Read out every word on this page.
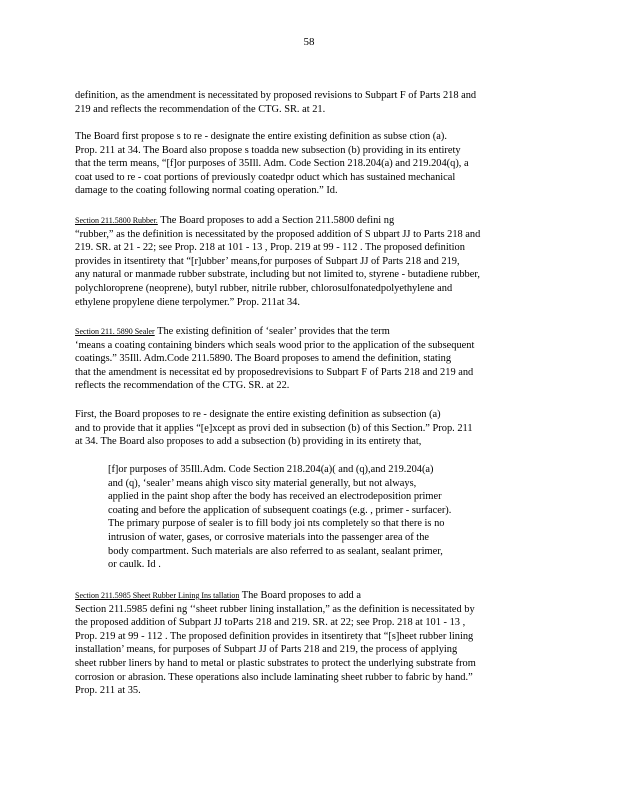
58
definition, as the amendment is necessitated by proposed revisions to Subpart F of Parts 218 and
219 and reflects the recommendation of the CTG. SR. at 21.
The Board first propose s to re - designate the entire existing definition as subse ction (a).
Prop. 211 at 34. The Board also propose s toadda new subsection (b) providing in its entirety
that the term means, “[f]or purposes of 35Ill. Adm. Code Section 218.204(a) and 219.204(q), a
coat used to re - coat portions of previously coatedpr oduct which has sustained mechanical
damage to the coating following normal coating operation.” Id.
Section 211.5800 Rubber. The Board proposes to add a Section 211.5800 defini ng
“rubber,” as the definition is necessitated by the proposed addition of S ubpart JJ to Parts 218 and
219. SR. at 21 - 22; see Prop. 218 at 101 - 13 , Prop. 219 at 99 - 112 . The proposed definition
provides in itsentirety that “[r]ubber’ means,for purposes of Subpart JJ of Parts 218 and 219,
any natural or manmade rubber substrate, including but not limited to, styrene - butadiene rubber,
polychloroprene (neoprene), butyl rubber, nitrile rubber, chlorosulfonatedpolyethylene and
ethylene propylene diene terpolymer.” Prop. 211at 34.
Section 211. 5890 Sealer The existing definition of ‘sealer’ provides that the term
‘means a coating containing binders which seals wood prior to the application of the subsequent
coatings.” 35Ill. Adm.Code 211.5890. The Board proposes to amend the definition, stating
that the amendment is necessitat ed by proposedrevisions to Subpart F of Parts 218 and 219 and
reflects the recommendation of the CTG. SR. at 22.
First, the Board proposes to re - designate the entire existing definition as subsection (a)
and to provide that it applies “[e]xcept as provi ded in subsection (b) of this Section.” Prop. 211
at 34. The Board also proposes to add a subsection (b) providing in its entirety that,
[f]or purposes of 35Ill.Adm. Code Section 218.204(a)( and (q),and 219.204(a)
and (q), ‘sealer’ means ahigh visco sity material generally, but not always,
applied in the paint shop after the body has received an electrodeposition primer
coating and before the application of subsequent coatings (e.g. , primer - surfacer).
The primary purpose of sealer is to fill body joi nts completely so that there is no
intrusion of water, gases, or corrosive materials into the passenger area of the
body compartment. Such materials are also referred to as sealant, sealant primer,
or caulk. Id .
Section 211.5985 Sheet Rubber Lining Ins tallation The Board proposes to add a
Section 211.5985 defini ng ‘‘sheet rubber lining installation,” as the definition is necessitated by
the proposed addition of Subpart JJ toParts 218 and 219. SR. at 22; see Prop. 218 at 101 - 13 ,
Prop. 219 at 99 - 112 . The proposed definition provides in itsentirety that “[s]heet rubber lining
installation’ means, for purposes of Subpart JJ of Parts 218 and 219, the process of applying
sheet rubber liners by hand to metal or plastic substrates to protect the underlying substrate from
corrosion or abrasion. These operations also include laminating sheet rubber to fabric by hand.”
Prop. 211 at 35.
